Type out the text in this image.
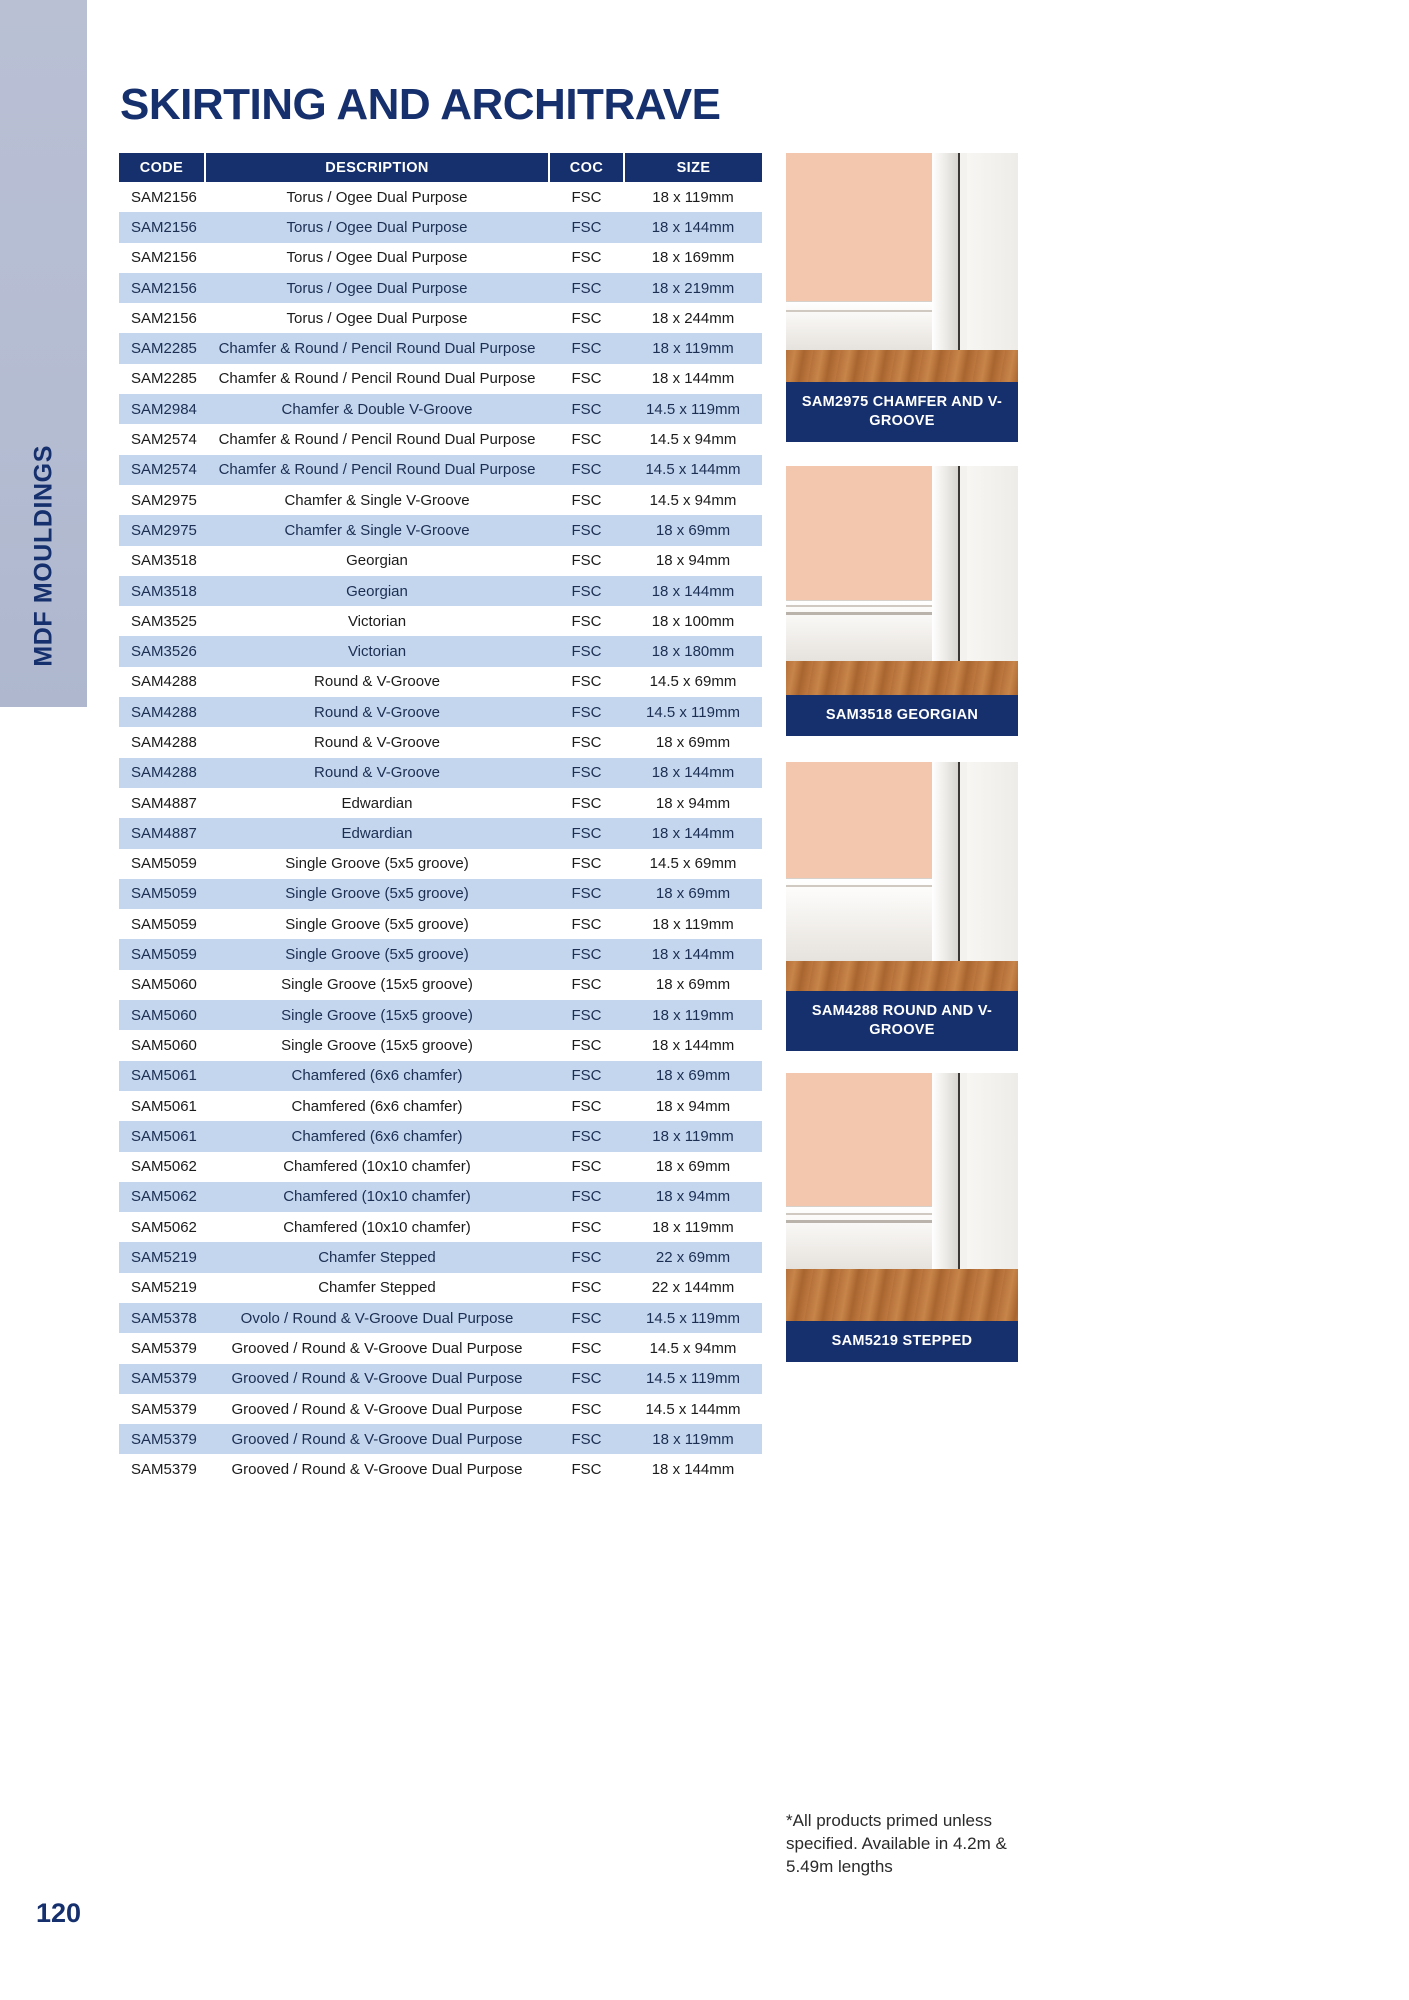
MDF MOULDINGS
SKIRTING AND ARCHITRAVE
CODE	DESCRIPTION	COC	SIZE
SAM2156	Torus / Ogee Dual Purpose	FSC	18 x 119mm
SAM2156	Torus / Ogee Dual Purpose	FSC	18 x 144mm
SAM2156	Torus / Ogee Dual Purpose	FSC	18 x 169mm
SAM2156	Torus / Ogee Dual Purpose	FSC	18 x 219mm
SAM2156	Torus / Ogee Dual Purpose	FSC	18 x 244mm
SAM2285	Chamfer & Round / Pencil Round Dual Purpose	FSC	18 x 119mm
SAM2285	Chamfer & Round / Pencil Round Dual Purpose	FSC	18 x 144mm
SAM2984	Chamfer & Double V-Groove	FSC	14.5 x 119mm
SAM2574	Chamfer & Round / Pencil Round Dual Purpose	FSC	14.5 x 94mm
SAM2574	Chamfer & Round / Pencil Round Dual Purpose	FSC	14.5 x 144mm
SAM2975	Chamfer & Single V-Groove	FSC	14.5 x 94mm
SAM2975	Chamfer & Single V-Groove	FSC	18 x 69mm
SAM3518	Georgian	FSC	18 x 94mm
SAM3518	Georgian	FSC	18 x 144mm
SAM3525	Victorian	FSC	18 x 100mm
SAM3526	Victorian	FSC	18 x 180mm
SAM4288	Round & V-Groove	FSC	14.5 x 69mm
SAM4288	Round & V-Groove	FSC	14.5 x 119mm
SAM4288	Round & V-Groove	FSC	18 x 69mm
SAM4288	Round & V-Groove	FSC	18 x 144mm
SAM4887	Edwardian	FSC	18 x 94mm
SAM4887	Edwardian	FSC	18 x 144mm
SAM5059	Single Groove (5x5 groove)	FSC	14.5 x 69mm
SAM5059	Single Groove (5x5 groove)	FSC	18 x 69mm
SAM5059	Single Groove (5x5 groove)	FSC	18 x 119mm
SAM5059	Single Groove (5x5 groove)	FSC	18 x 144mm
SAM5060	Single Groove (15x5 groove)	FSC	18 x 69mm
SAM5060	Single Groove (15x5 groove)	FSC	18 x 119mm
SAM5060	Single Groove (15x5 groove)	FSC	18 x 144mm
SAM5061	Chamfered (6x6 chamfer)	FSC	18 x 69mm
SAM5061	Chamfered (6x6 chamfer)	FSC	18 x 94mm
SAM5061	Chamfered (6x6 chamfer)	FSC	18 x 119mm
SAM5062	Chamfered (10x10 chamfer)	FSC	18 x 69mm
SAM5062	Chamfered (10x10 chamfer)	FSC	18 x 94mm
SAM5062	Chamfered (10x10 chamfer)	FSC	18 x 119mm
SAM5219	Chamfer Stepped	FSC	22 x 69mm
SAM5219	Chamfer Stepped	FSC	22 x 144mm
SAM5378	Ovolo / Round & V-Groove Dual Purpose	FSC	14.5 x 119mm
SAM5379	Grooved / Round & V-Groove Dual Purpose	FSC	14.5 x 94mm
SAM5379	Grooved / Round & V-Groove Dual Purpose	FSC	14.5 x 119mm
SAM5379	Grooved / Round & V-Groove Dual Purpose	FSC	14.5 x 144mm
SAM5379	Grooved / Round & V-Groove Dual Purpose	FSC	18 x 119mm
SAM5379	Grooved / Round & V-Groove Dual Purpose	FSC	18 x 144mm
SAM2975 CHAMFER AND V-GROOVE
SAM3518 GEORGIAN
SAM4288 ROUND AND V-GROOVE
SAM5219 STEPPED
*All products primed unless specified. Available in 4.2m & 5.49m lengths
120
